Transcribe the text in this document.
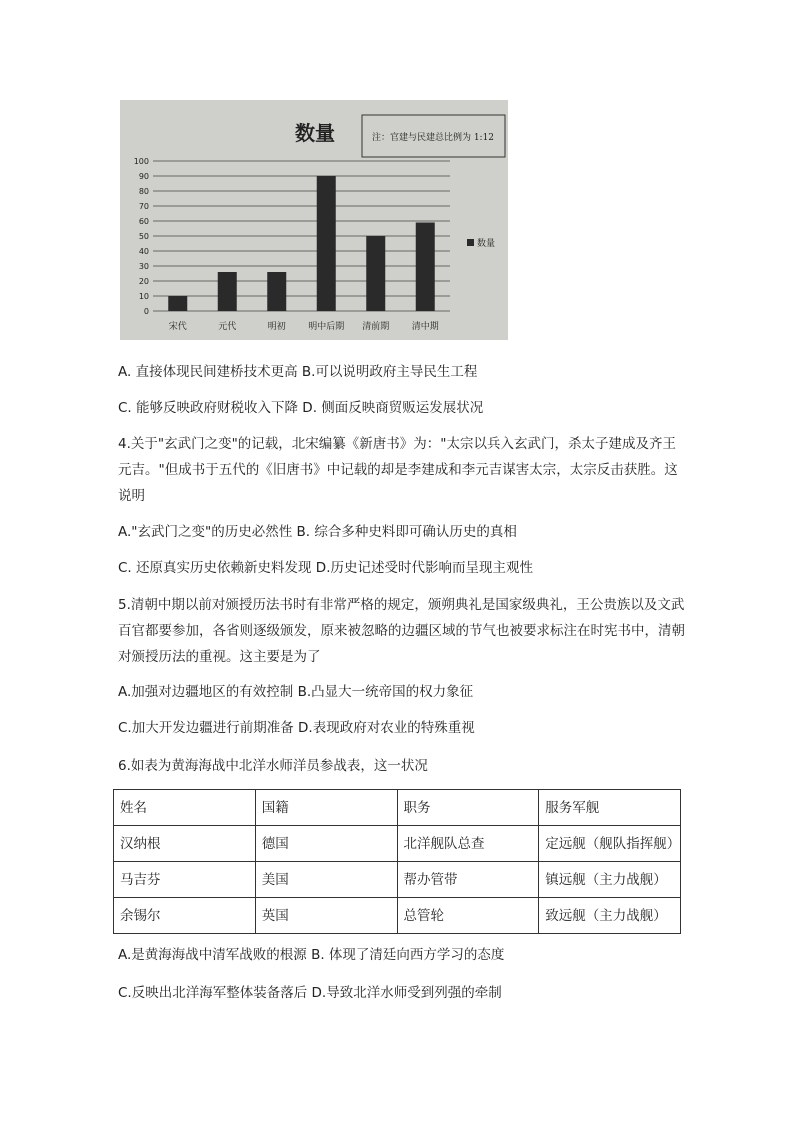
数量	注：官建与民建总比例为 1:12
0
10
20
30
40
50
60
70
80
90
100
宋代	元代	明初 明中后期 清前期 清中期
数量
A. 直接体现民间建桥技术更高 B.可以说明政府主导民生工程
C. 能够反映政府财税收入下降 D. 侧面反映商贸贩运发展状况
4.关于"玄武门之变"的记载，北宋编纂《新唐书》为："太宗以兵入玄武门，杀太子建成及齐王元吉。"但成书于五代的《旧唐书》中记载的却是李建成和李元吉谋害太宗，太宗反击获胜。这说明
A."玄武门之变"的历史必然性 B. 综合多种史料即可确认历史的真相
C. 还原真实历史依赖新史料发现 D.历史记述受时代影响而呈现主观性
5.清朝中期以前对颁授历法书时有非常严格的规定，颁朔典礼是国家级典礼，王公贵族以及文武百官都要参加，各省则逐级颁发，原来被忽略的边疆区域的节气也被要求标注在时宪书中，清朝对颁授历法的重视。这主要是为了
A.加强对边疆地区的有效控制 B.凸显大一统帝国的权力象征
C.加大开发边疆进行前期准备 D.表现政府对农业的特殊重视
6.如表为黄海海战中北洋水师洋员参战表，这一状况
姓名	国籍	职务	服务军舰
汉纳根	德国	北洋舰队总查	定远舰（舰队指挥舰）
马吉芬	美国	帮办管带	镇远舰（主力战舰）
余锡尔	英国	总管轮	致远舰（主力战舰）
A.是黄海海战中清军战败的根源 B. 体现了清廷向西方学习的态度
C.反映出北洋海军整体装备落后 D.导致北洋水师受到列强的牵制
